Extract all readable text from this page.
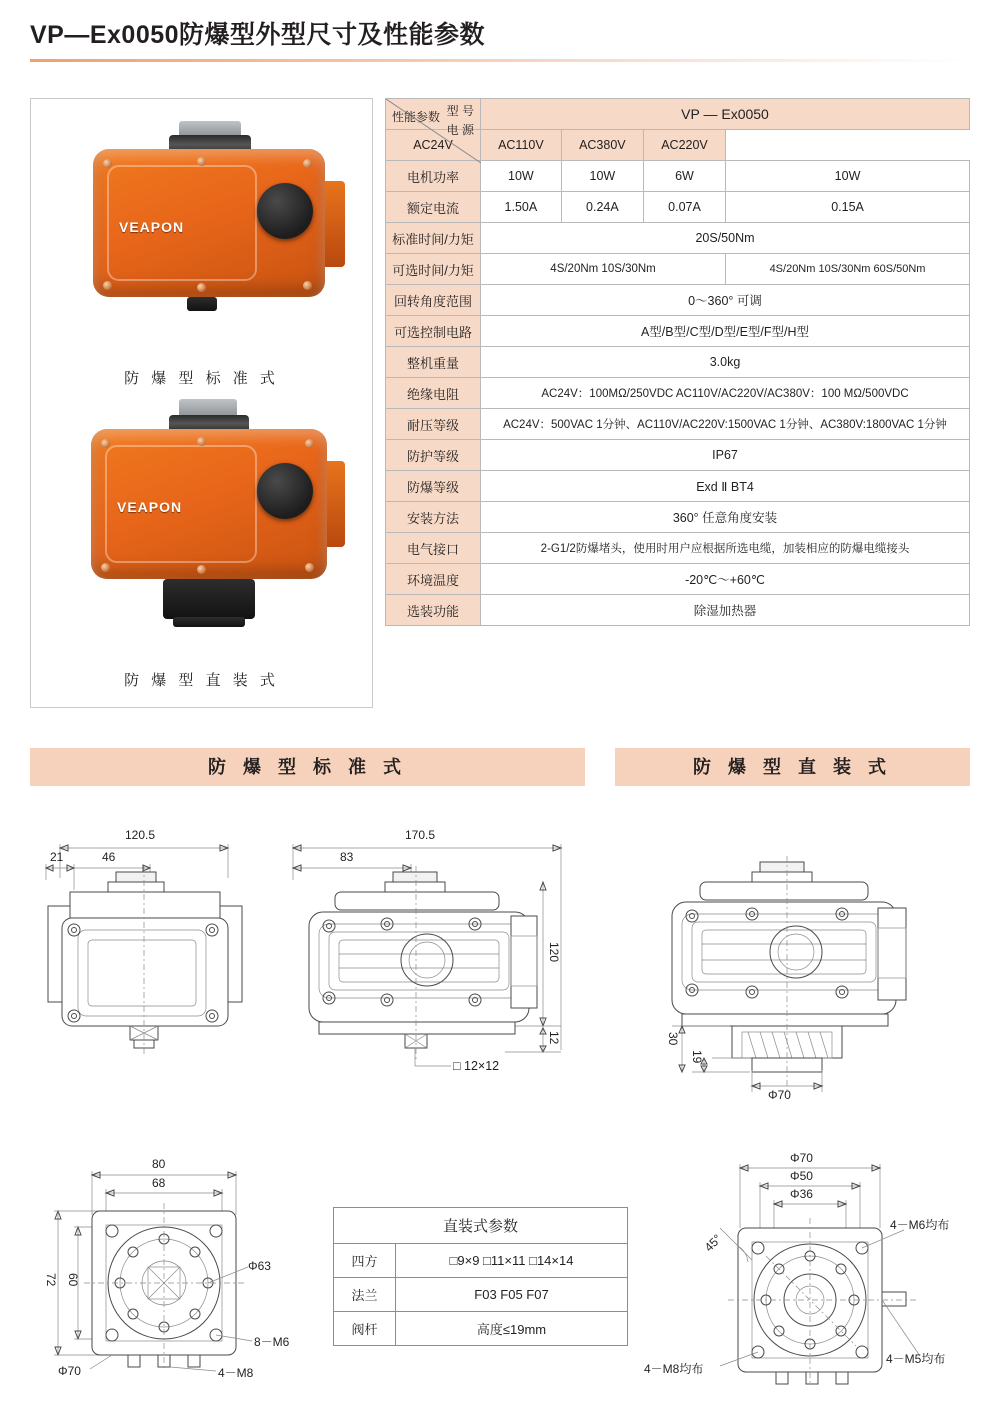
VP—Ex0050防爆型外型尺寸及性能参数
VEAPON
防 爆 型 标 准 式
VEAPON
防 爆 型 直 装 式
型 号
电 源
性能参数	VP — Ex0050			
AC24V	AC110V	AC380V	AC220V	
电机功率	10W	10W	6W	10W
额定电流	1.50A	0.24A	0.07A	0.15A
标准时间/力矩	20S/50Nm			
可选时间/力矩	4S/20Nm 10S/30Nm			4S/20Nm 10S/30Nm 60S/50Nm
回转角度范围	0～360° 可调			
可选控制电路	A型/B型/C型/D型/E型/F型/H型			
整机重量	3.0kg			
绝缘电阻	AC24V：100MΩ/250VDC AC110V/AC220V/AC380V：100 MΩ/500VDC			
耐压等级	AC24V：500VAC 1分钟、AC110V/AC220V:1500VAC 1分钟、AC380V:1800VAC 1分钟			
防护等级	IP67			
防爆等级	Exd Ⅱ BT4			
安装方法	360° 任意角度安装			
电气接口	2-G1/2防爆堵头，使用时用户应根据所选电缆，加装相应的防爆电缆接头			
环境温度	-20℃～+60℃			
选装功能	除湿加热器			
防 爆 型 标 准 式	防 爆 型 直 装 式
120.5
21	46
170.5
83
120
12
□ 12×12
30
19
Φ70
80
68
72 60
Φ63
8－M6
4－M8
Φ70
Φ70
Φ50
Φ36
45°
4－M6均布
4－M8均布
4－M5均布
直装式参数	
四方	□9×9 □11×11 □14×14
法兰	F03 F05 F07
阀杆	高度≤19mm
